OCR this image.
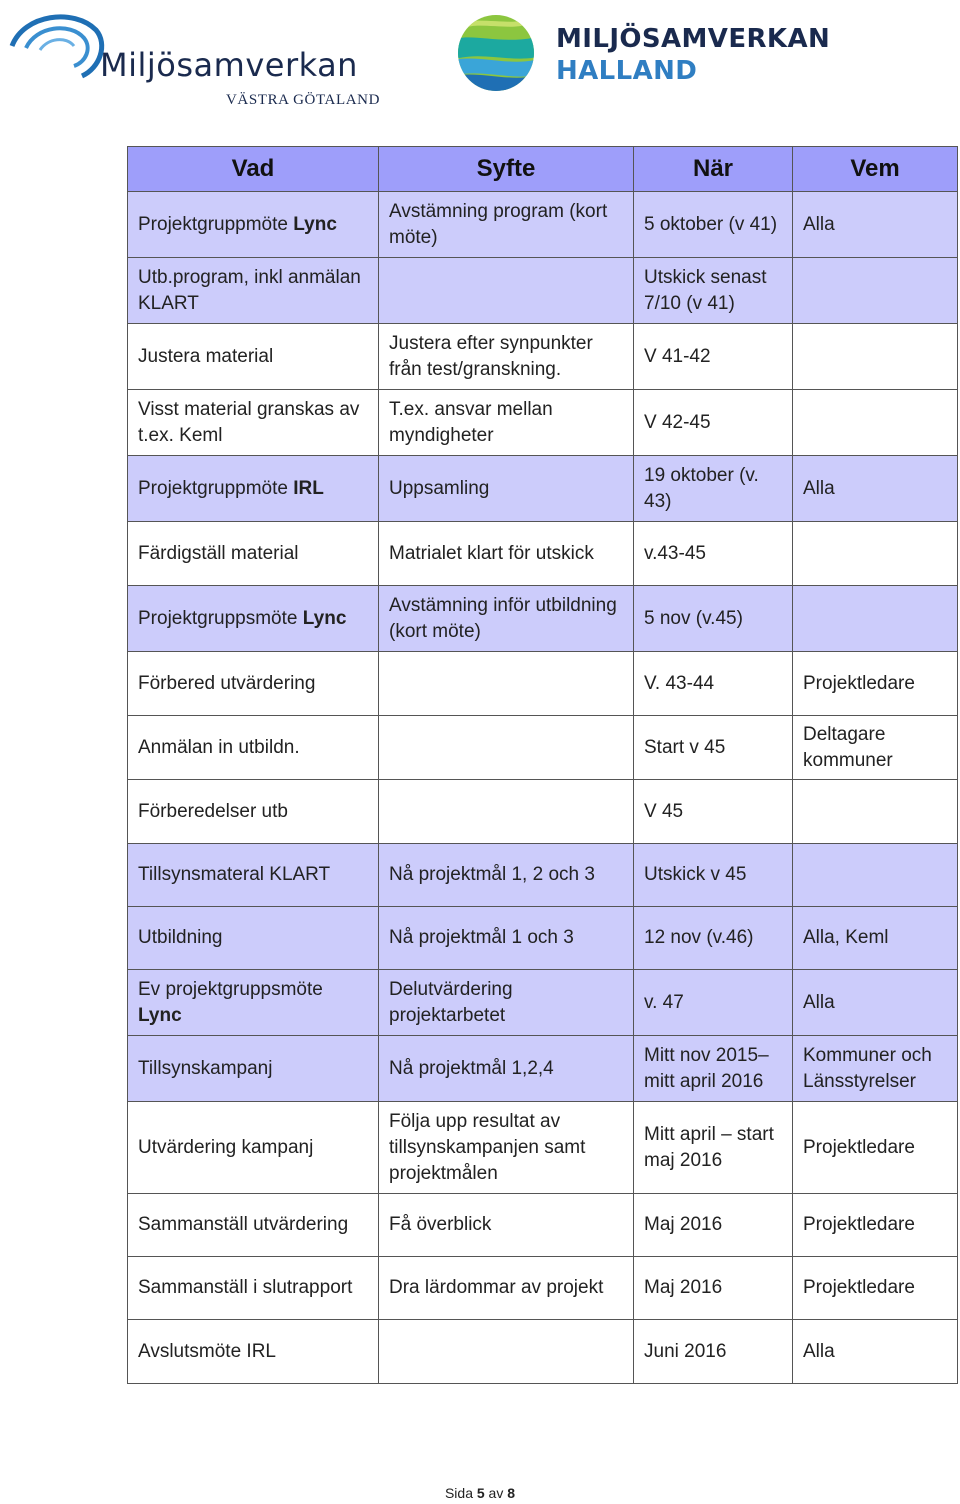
Miljösamverkan
VÄSTRA GÖTALAND
MILJÖSAMVERKAN
HALLAND
Vad	Syfte	När	Vem
Projektgruppmöte Lync	Avstämning program (kort möte)	5 oktober (v 41)	Alla
Utb.program, inkl anmälan KLART		Utskick senast 7/10 (v 41)	
Justera material	Justera efter synpunkter från test/granskning.	V 41-42	
Visst material granskas av t.ex. Keml	T.ex. ansvar mellan myndigheter	V 42-45	
Projektgruppmöte IRL	Uppsamling	19 oktober (v. 43)	Alla
Färdigställ material	Matrialet klart för utskick	v.43-45	
Projektgruppsmöte Lync	Avstämning inför utbildning (kort möte)	5 nov (v.45)	
Förbered utvärdering		V. 43-44	Projektledare
Anmälan in utbildn.		Start v 45	Deltagare kommuner
Förberedelser utb		V 45	
Tillsynsmateral KLART	Nå projektmål 1, 2 och 3	Utskick v 45	
Utbildning	Nå projektmål 1 och 3	12 nov (v.46)	Alla, Keml
Ev projektgruppsmöte Lync	Delutvärdering projektarbetet	v. 47	Alla
Tillsynskampanj	Nå projektmål 1,2,4	Mitt nov 2015– mitt april 2016	Kommuner och Länsstyrelser
Utvärdering kampanj	Följa upp resultat av tillsynskampanjen samt projektmålen	Mitt april – start maj 2016	Projektledare
Sammanställ utvärdering	Få överblick	Maj 2016	Projektledare
Sammanställ i slutrapport	Dra lärdommar av projekt	Maj 2016	Projektledare
Avslutsmöte IRL		Juni 2016	Alla
Sida 5 av 8
